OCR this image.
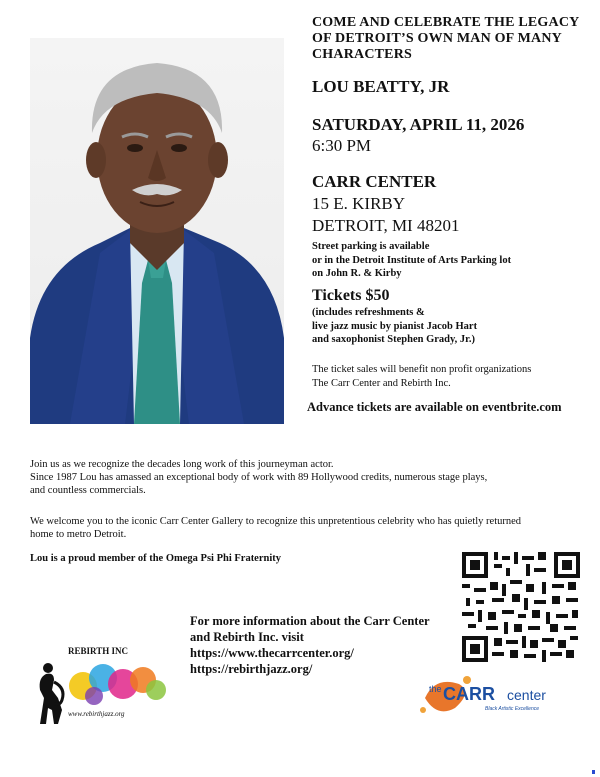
COME AND CELEBRATE THE LEGACY
OF DETROIT’S OWN MAN OF MANY
CHARACTERS
LOU BEATTY, JR
SATURDAY, APRIL 11, 2026
6:30 PM
CARR CENTER
15 E. KIRBY
DETROIT, MI 48201
Street parking is available
or in the Detroit Institute of Arts Parking lot
on John R. & Kirby
Tickets $50
(includes refreshments &
live jazz music by pianist Jacob Hart
and saxophonist Stephen Grady, Jr.)
The ticket sales will benefit non profit organizations
The Carr Center and Rebirth Inc.
Advance tickets are available on eventbrite.com
Join us as we recognize the decades long work of this journeyman actor.
Since 1987 Lou has amassed an exceptional body of work with 89 Hollywood credits, numerous stage plays,
and countless commercials.
We welcome you to the iconic Carr Center Gallery to recognize this unpretentious celebrity who has quietly returned
home to metro Detroit.
Lou is a proud member of the Omega Psi Phi Fraternity
For more information about the Carr Center
and Rebirth Inc. visit
https://www.thecarrcenter.org/
https://rebirthjazz.org/
REBIRTH INC
www.rebirthjazz.org
the CARR center
Black Artistic Excellence
